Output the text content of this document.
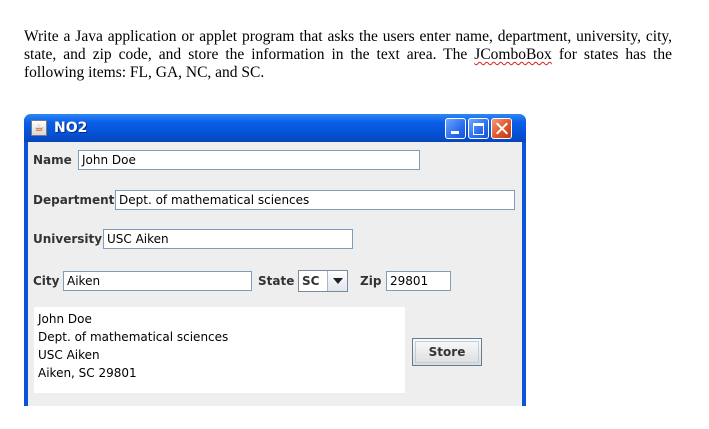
Write a Java application or applet program that asks the users enter name, department, university, city, state, and zip code, and store the information in the text area. The JComboBox for states has the following items: FL, GA, NC, and SC.
☕ NO2
Name John Doe
Department Dept. of mathematical sciences
University USC Aiken
City Aiken	State SC	Zip 29801
John Doe
Dept. of mathematical sciences
USC Aiken
Aiken, SC 29801
Store
